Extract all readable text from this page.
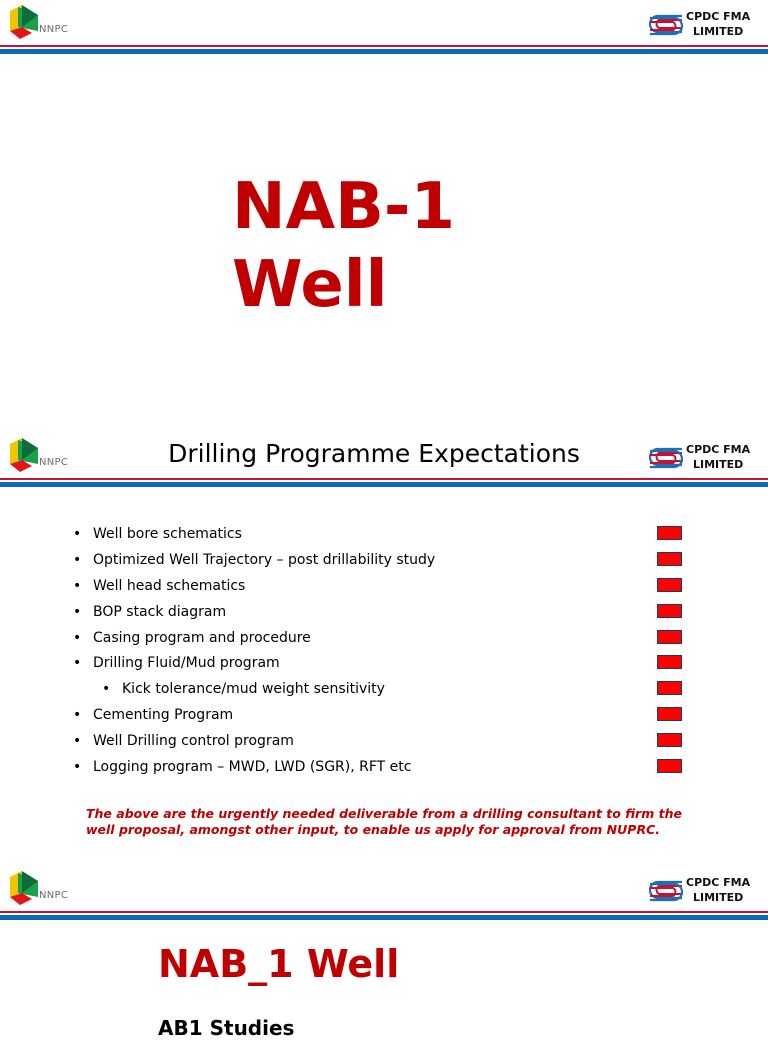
NNPC
CPDC FMA
LIMITED
NAB-1
Well
NNPC	Drilling Programme Expectations	CPDC FMA
LIMITED
• Well bore schematics
• Optimized Well Trajectory – post drillability study
• Well head schematics
• BOP stack diagram
• Casing program and procedure
• Drilling Fluid/Mud program
• Kick tolerance/mud weight sensitivity
• Cementing Program
• Well Drilling control program
• Logging program – MWD, LWD (SGR), RFT etc

The above are the urgently needed deliverable from a drilling consultant to firm the well proposal, amongst other input, to enable us apply for approval from NUPRC.

NNPC
CPDC FMA
LIMITED
NAB_1 Well
AB1 Studies
